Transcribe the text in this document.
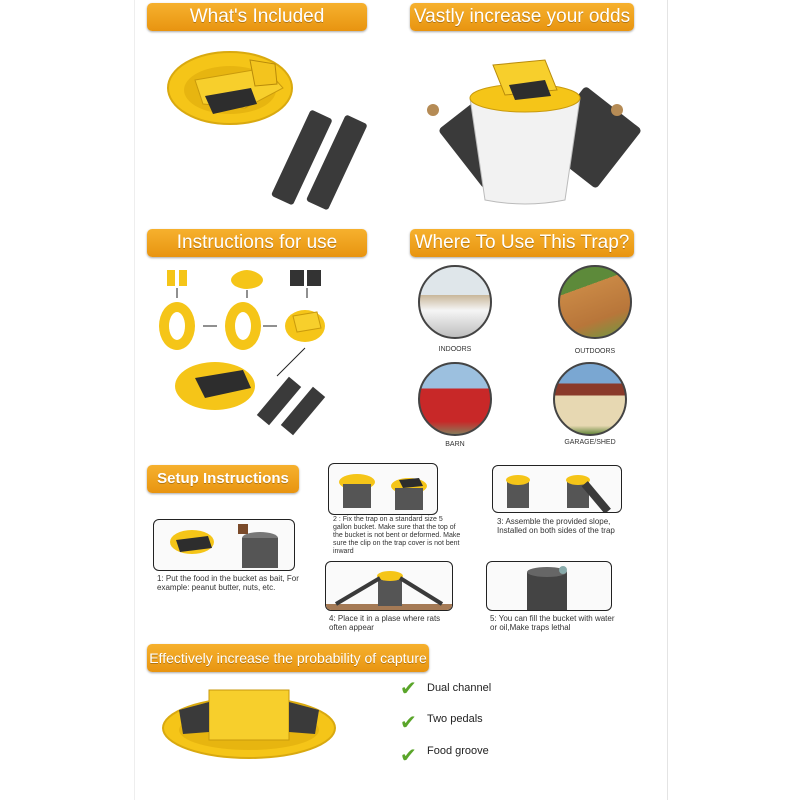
What's Included	Vastly increase your odds
Instructions for use	Where To Use This Trap?
INDOORS	OUTDOORS
BARN	GARAGE/SHED
Setup Instructions
2 : Fix the trap on a standard size 5 gallon bucket. Make sure that the top of the bucket is not bent or deformed. Make sure the clip on the trap cover is not bent inward
3: Assemble the provided slope, Installed on both sides of the trap
1: Put the food in the bucket as bait, For example: peanut butter, nuts, etc.
4: Place it in a plase where rats often appear
5: You can fill the bucket with water or oil,Make traps lethal
Effectively increase the probability of capture
✔ Dual channel
✔ Two pedals
✔ Food groove
